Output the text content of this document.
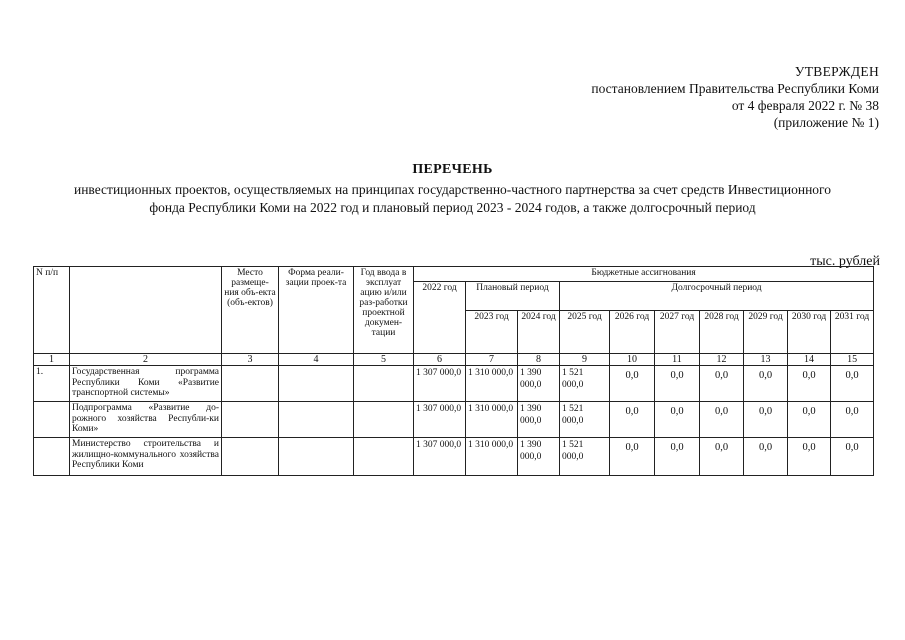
УТВЕРЖДЕН
постановлением Правительства Республики Коми
от 4 февраля 2022 г. № 38
(приложение № 1)
ПЕРЕЧЕНЬ
инвестиционных проектов, осуществляемых на принципах государственно-частного партнерства за счет средств Инвестиционного фонда Республики Коми на 2022 год и плановый период 2023 - 2024 годов, а также долгосрочный период
тыс. рублей
N п/п		Место размеще-ния объ-екта (объ-ектов)	Форма реали-зации проек-та	Год ввода в эксплуат ацию и/или раз-работки проектной докумен-тации	Бюджетные ассигнования									
					2022 год	Плановый период		Долгосрочный период						
						2023 год	2024 год	2025 год	2026 год	2027 год	2028 год	2029 год	2030 год	2031 год
1	2	3	4	5	6	7	8	9	10	11	12	13	14	15
1.	Государственная программа Республики Коми «Развитие транспортной системы»				1 307 000,0	1 310 000,0	1 390 000,0	1 521 000,0	0,0	0,0	0,0	0,0	0,0	0,0
	Подпрограмма «Развитие до-рожного хозяйства Республи-ки Коми»				1 307 000,0	1 310 000,0	1 390 000,0	1 521 000,0	0,0	0,0	0,0	0,0	0,0	0,0
	Министерство строительства и жилищно-коммунального хозяйства Республики Коми				1 307 000,0	1 310 000,0	1 390 000,0	1 521 000,0	0,0	0,0	0,0	0,0	0,0	0,0
